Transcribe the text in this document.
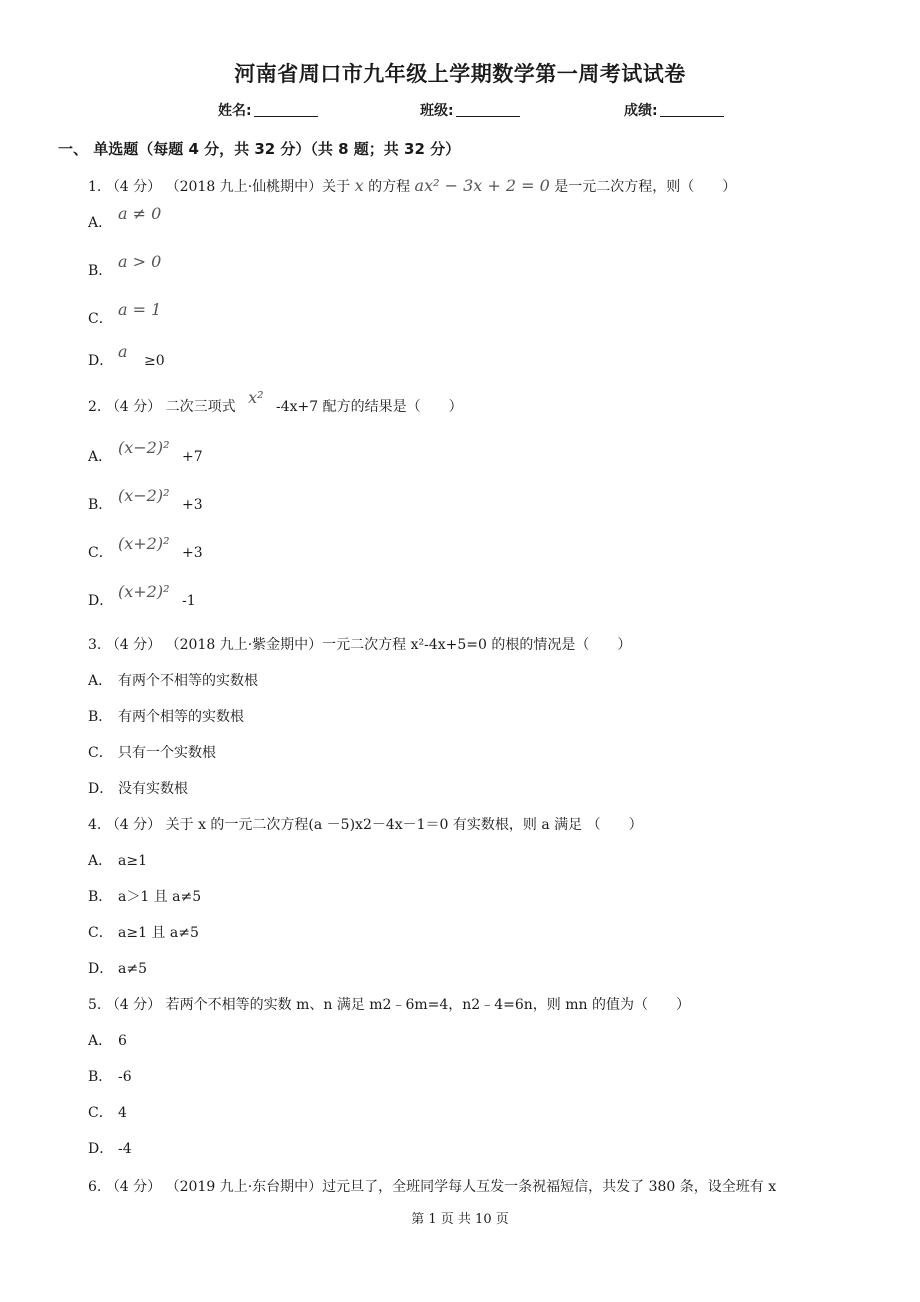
河南省周口市九年级上学期数学第一周考试试卷
姓名:	班级:	成绩:
一、 单选题（每题 4 分，共 32 分）（共 8 题；共 32 分）
1. （4 分） （2018 九上·仙桃期中）关于 x 的方程 ax² − 3x + 2 = 0 是一元二次方程，则（　　）
A． a ≠ 0
B． a > 0
C． a = 1
D． a ≥0
2. （4 分） 二次三项式 x² -4x+7 配方的结果是（　　）
A． (x−2)² +7
B． (x−2)² +3
C． (x+2)² +3
D． (x+2)² -1
3. （4 分） （2018 九上·紫金期中）一元二次方程 x²-4x+5=0 的根的情况是（　　）
A． 有两个不相等的实数根
B． 有两个相等的实数根
C． 只有一个实数根
D． 没有实数根
4. （4 分） 关于 x 的一元二次方程(a －5)x2－4x－1＝0 有实数根，则 a 满足 （　　）
A． a≥1
B． a＞1 且 a≠5
C． a≥1 且 a≠5
D． a≠5
5. （4 分） 若两个不相等的实数 m、n 满足 m2﹣6m=4，n2﹣4=6n，则 mn 的值为（　　）
A． 6
B． -6
C． 4
D． -4
6. （4 分） （2019 九上·东台期中）过元旦了，全班同学每人互发一条祝福短信，共发了 380 条，设全班有 x
第 1 页 共 10 页
